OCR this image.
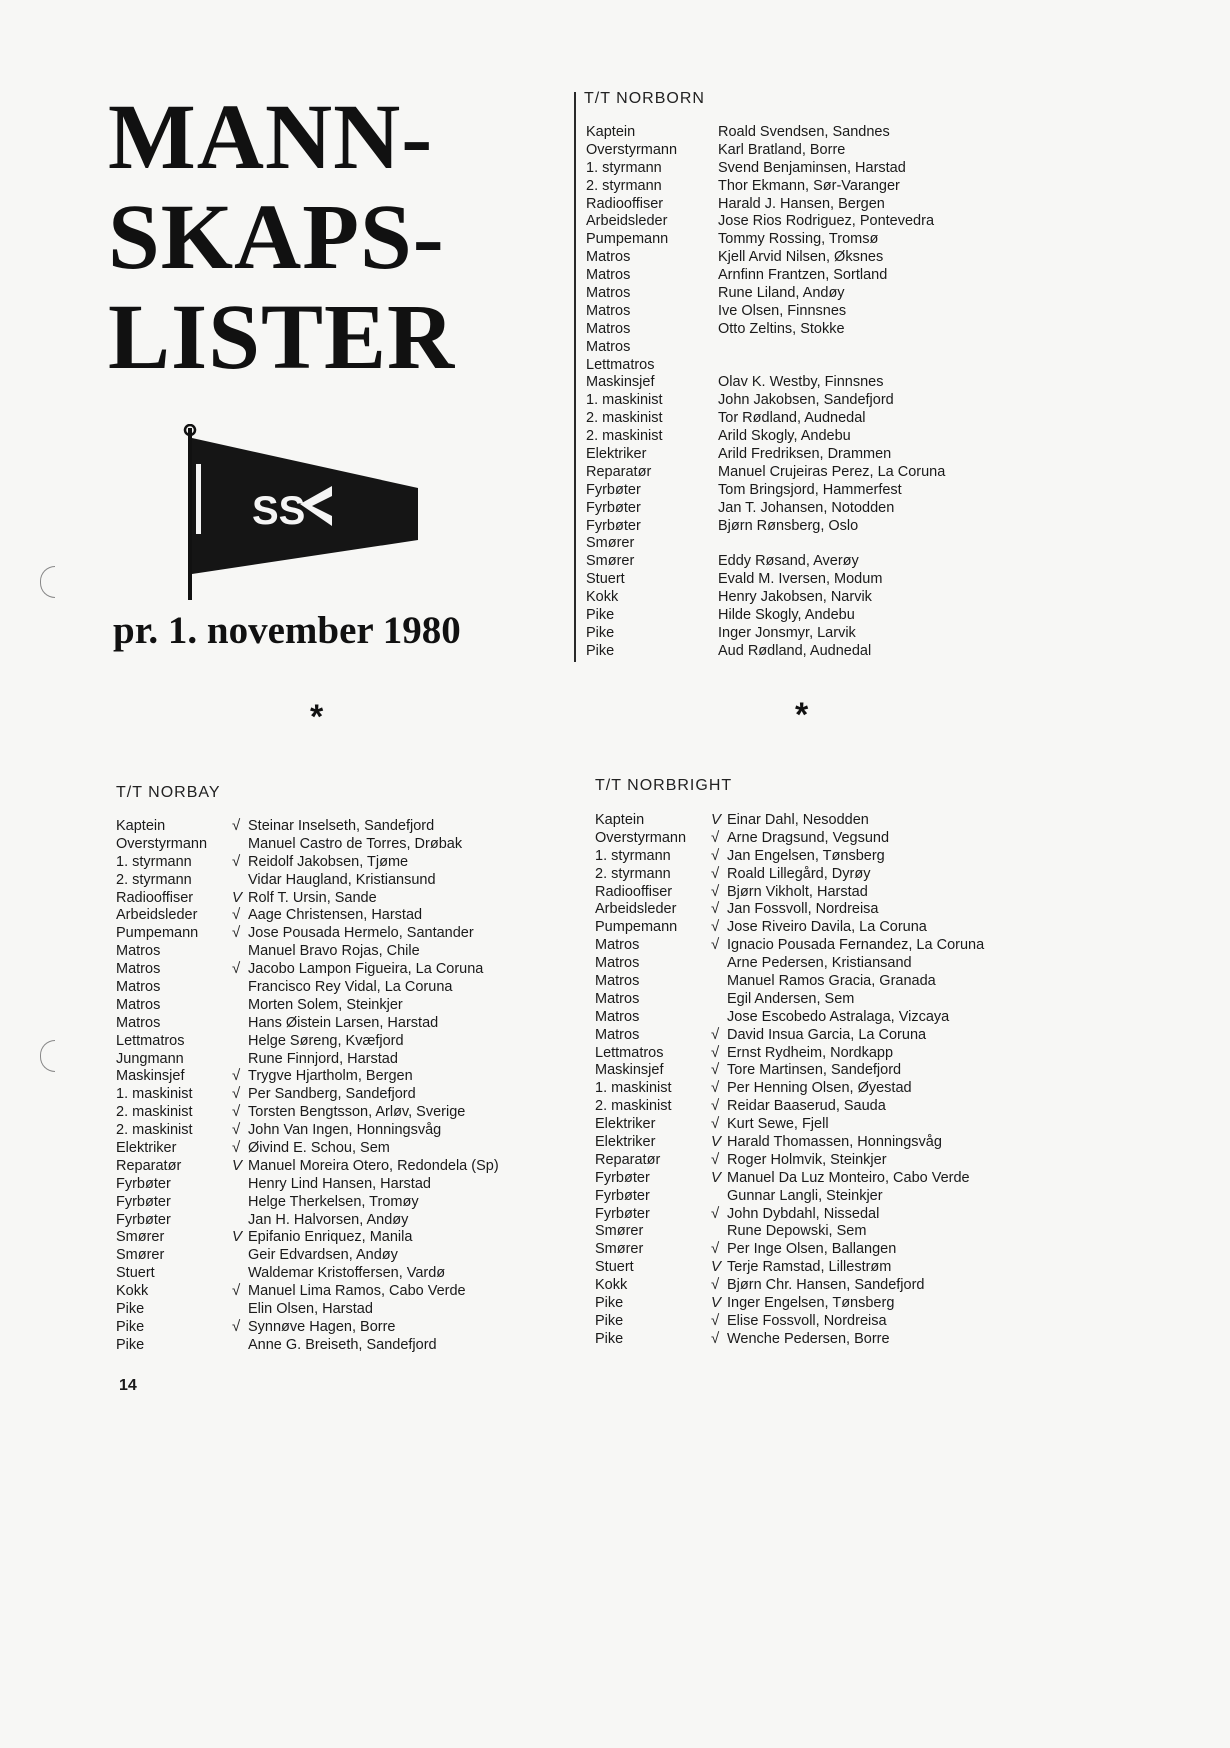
MANN-
SKAPS-
LISTER
SS
pr. 1. november 1980
*	*
T/T NORBORN
Kaptein	Roald Svendsen, Sandnes
Overstyrmann	Karl Bratland, Borre
1. styrmann	Svend Benjaminsen, Harstad
2. styrmann	Thor Ekmann, Sør-Varanger
Radiooffiser	Harald J. Hansen, Bergen
Arbeidsleder	Jose Rios Rodriguez, Pontevedra
Pumpemann	Tommy Rossing, Tromsø
Matros	Kjell Arvid Nilsen, Øksnes
Matros	Arnfinn Frantzen, Sortland
Matros	Rune Liland, Andøy
Matros	Ive Olsen, Finnsnes
Matros	Otto Zeltins, Stokke
Matros
Lettmatros
Maskinsjef	Olav K. Westby, Finnsnes
1. maskinist	John Jakobsen, Sandefjord
2. maskinist	Tor Rødland, Audnedal
2. maskinist	Arild Skogly, Andebu
Elektriker	Arild Fredriksen, Drammen
Reparatør	Manuel Crujeiras Perez, La Coruna
Fyrbøter	Tom Bringsjord, Hammerfest
Fyrbøter	Jan T. Johansen, Notodden
Fyrbøter	Bjørn Rønsberg, Oslo
Smører
Smører	Eddy Røsand, Averøy
Stuert	Evald M. Iversen, Modum
Kokk	Henry Jakobsen, Narvik
Pike	Hilde Skogly, Andebu
Pike	Inger Jonsmyr, Larvik
Pike	Aud Rødland, Audnedal
T/T NORBAY
Kaptein	√ Steinar Inselseth, Sandefjord
Overstyrmann	Manuel Castro de Torres, Drøbak
1. styrmann	√ Reidolf Jakobsen, Tjøme
2. styrmann	Vidar Haugland, Kristiansund
Radiooffiser	V Rolf T. Ursin, Sande
Arbeidsleder √ Aage Christensen, Harstad
Pumpemann √ Jose Pousada Hermelo, Santander
Matros	Manuel Bravo Rojas, Chile
Matros	√ Jacobo Lampon Figueira, La Coruna
Matros	Francisco Rey Vidal, La Coruna
Matros	Morten Solem, Steinkjer
Matros	Hans Øistein Larsen, Harstad
Lettmatros	Helge Søreng, Kvæfjord
Jungmann	Rune Finnjord, Harstad
Maskinsjef	√ Trygve Hjartholm, Bergen
1. maskinist	√ Per Sandberg, Sandefjord
2. maskinist	√ Torsten Bengtsson, Arløv, Sverige
2. maskinist	√ John Van Ingen, Honningsvåg
Elektriker	√ Øivind E. Schou, Sem
Reparatør	V Manuel Moreira Otero, Redondela (Sp)
Fyrbøter	Henry Lind Hansen, Harstad
Fyrbøter	Helge Therkelsen, Tromøy
Fyrbøter	Jan H. Halvorsen, Andøy
Smører	V Epifanio Enriquez, Manila
Smører	Geir Edvardsen, Andøy
Stuert	Waldemar Kristoffersen, Vardø
Kokk	√ Manuel Lima Ramos, Cabo Verde
Pike	Elin Olsen, Harstad
Pike	√ Synnøve Hagen, Borre
Pike	Anne G. Breiseth, Sandefjord
T/T NORBRIGHT
Kaptein	V Einar Dahl, Nesodden
Overstyrmann √ Arne Dragsund, Vegsund
1. styrmann	√ Jan Engelsen, Tønsberg
2. styrmann	√ Roald Lillegård, Dyrøy
Radiooffiser	√ Bjørn Vikholt, Harstad
Arbeidsleder √ Jan Fossvoll, Nordreisa
Pumpemann √ Jose Riveiro Davila, La Coruna
Matros	√ Ignacio Pousada Fernandez, La Coruna
Matros	Arne Pedersen, Kristiansand
Matros	Manuel Ramos Gracia, Granada
Matros	Egil Andersen, Sem
Matros	Jose Escobedo Astralaga, Vizcaya
Matros	√ David Insua Garcia, La Coruna
Lettmatros	√ Ernst Rydheim, Nordkapp
Maskinsjef	√ Tore Martinsen, Sandefjord
1. maskinist	√ Per Henning Olsen, Øyestad
2. maskinist	√ Reidar Baaserud, Sauda
Elektriker	√ Kurt Sewe, Fjell
Elektriker	V Harald Thomassen, Honningsvåg
Reparatør	√ Roger Holmvik, Steinkjer
Fyrbøter	V Manuel Da Luz Monteiro, Cabo Verde
Fyrbøter	Gunnar Langli, Steinkjer
Fyrbøter	√ John Dybdahl, Nissedal
Smører	Rune Depowski, Sem
Smører	√ Per Inge Olsen, Ballangen
Stuert	V Terje Ramstad, Lillestrøm
Kokk	√ Bjørn Chr. Hansen, Sandefjord
Pike	V Inger Engelsen, Tønsberg
Pike	√ Elise Fossvoll, Nordreisa
Pike	√ Wenche Pedersen, Borre
14
